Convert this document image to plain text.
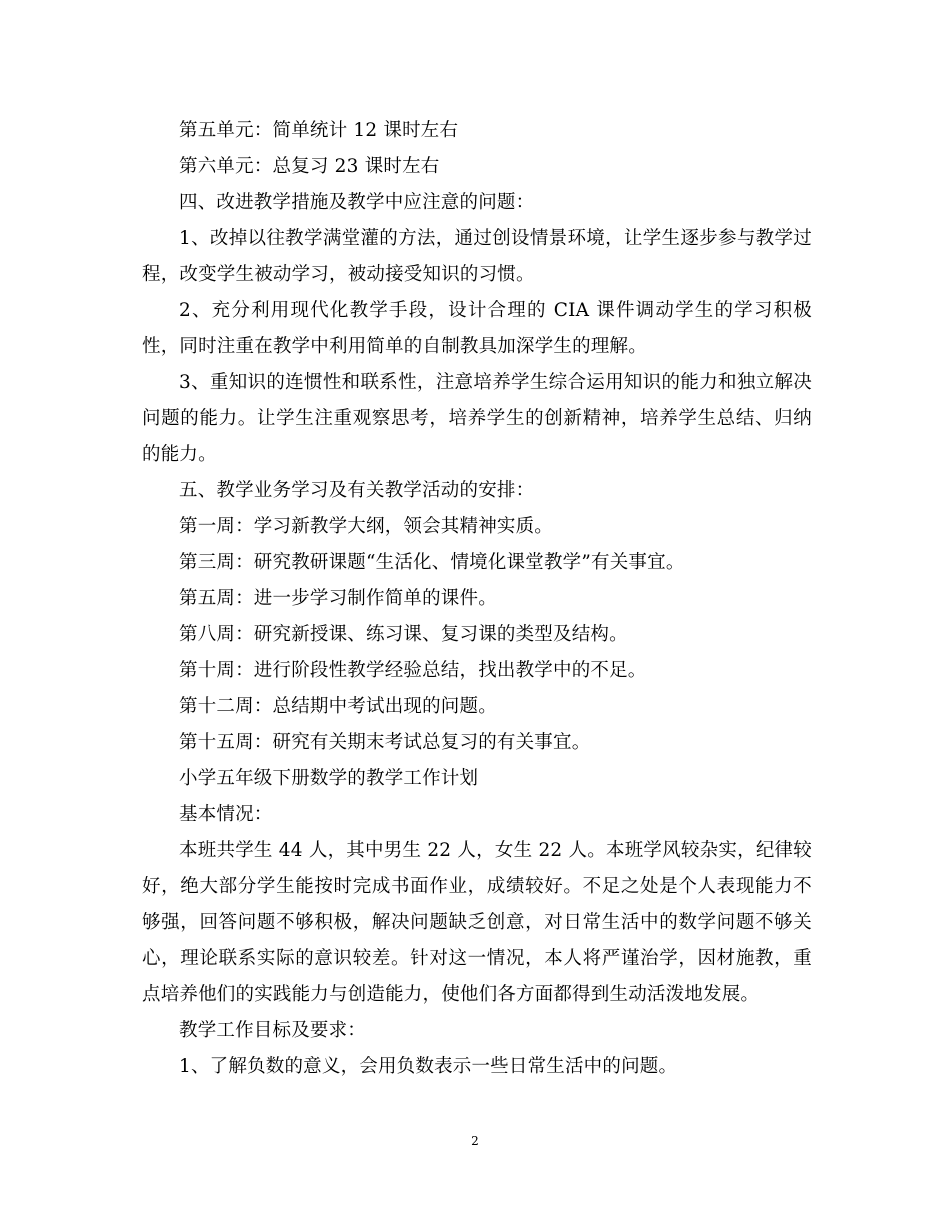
第五单元：简单统计 12 课时左右

第六单元：总复习 23 课时左右

四、改进教学措施及教学中应注意的问题：

1、改掉以往教学满堂灌的方法，通过创设情景环境，让学生逐步参与教学过程，改变学生被动学习，被动接受知识的习惯。

2、充分利用现代化教学手段，设计合理的 CIA 课件调动学生的学习积极性，同时注重在教学中利用简单的自制教具加深学生的理解。

3、重知识的连惯性和联系性，注意培养学生综合运用知识的能力和独立解决问题的能力。让学生注重观察思考，培养学生的创新精神，培养学生总结、归纳的能力。

五、教学业务学习及有关教学活动的安排：

第一周：学习新教学大纲，领会其精神实质。

第三周：研究教研课题“生活化、情境化课堂教学”有关事宜。

第五周：进一步学习制作简单的课件。

第八周：研究新授课、练习课、复习课的类型及结构。

第十周：进行阶段性教学经验总结，找出教学中的不足。

第十二周：总结期中考试出现的问题。

第十五周：研究有关期末考试总复习的有关事宜。

小学五年级下册数学的教学工作计划

基本情况：

本班共学生 44 人，其中男生 22 人，女生 22 人。本班学风较杂实，纪律较好，绝大部分学生能按时完成书面作业，成绩较好。不足之处是个人表现能力不够强，回答问题不够积极，解决问题缺乏创意，对日常生活中的数学问题不够关心，理论联系实际的意识较差。针对这一情况，本人将严谨治学，因材施教，重点培养他们的实践能力与创造能力，使他们各方面都得到生动活泼地发展。

教学工作目标及要求：

1、了解负数的意义，会用负数表示一些日常生活中的问题。

2
